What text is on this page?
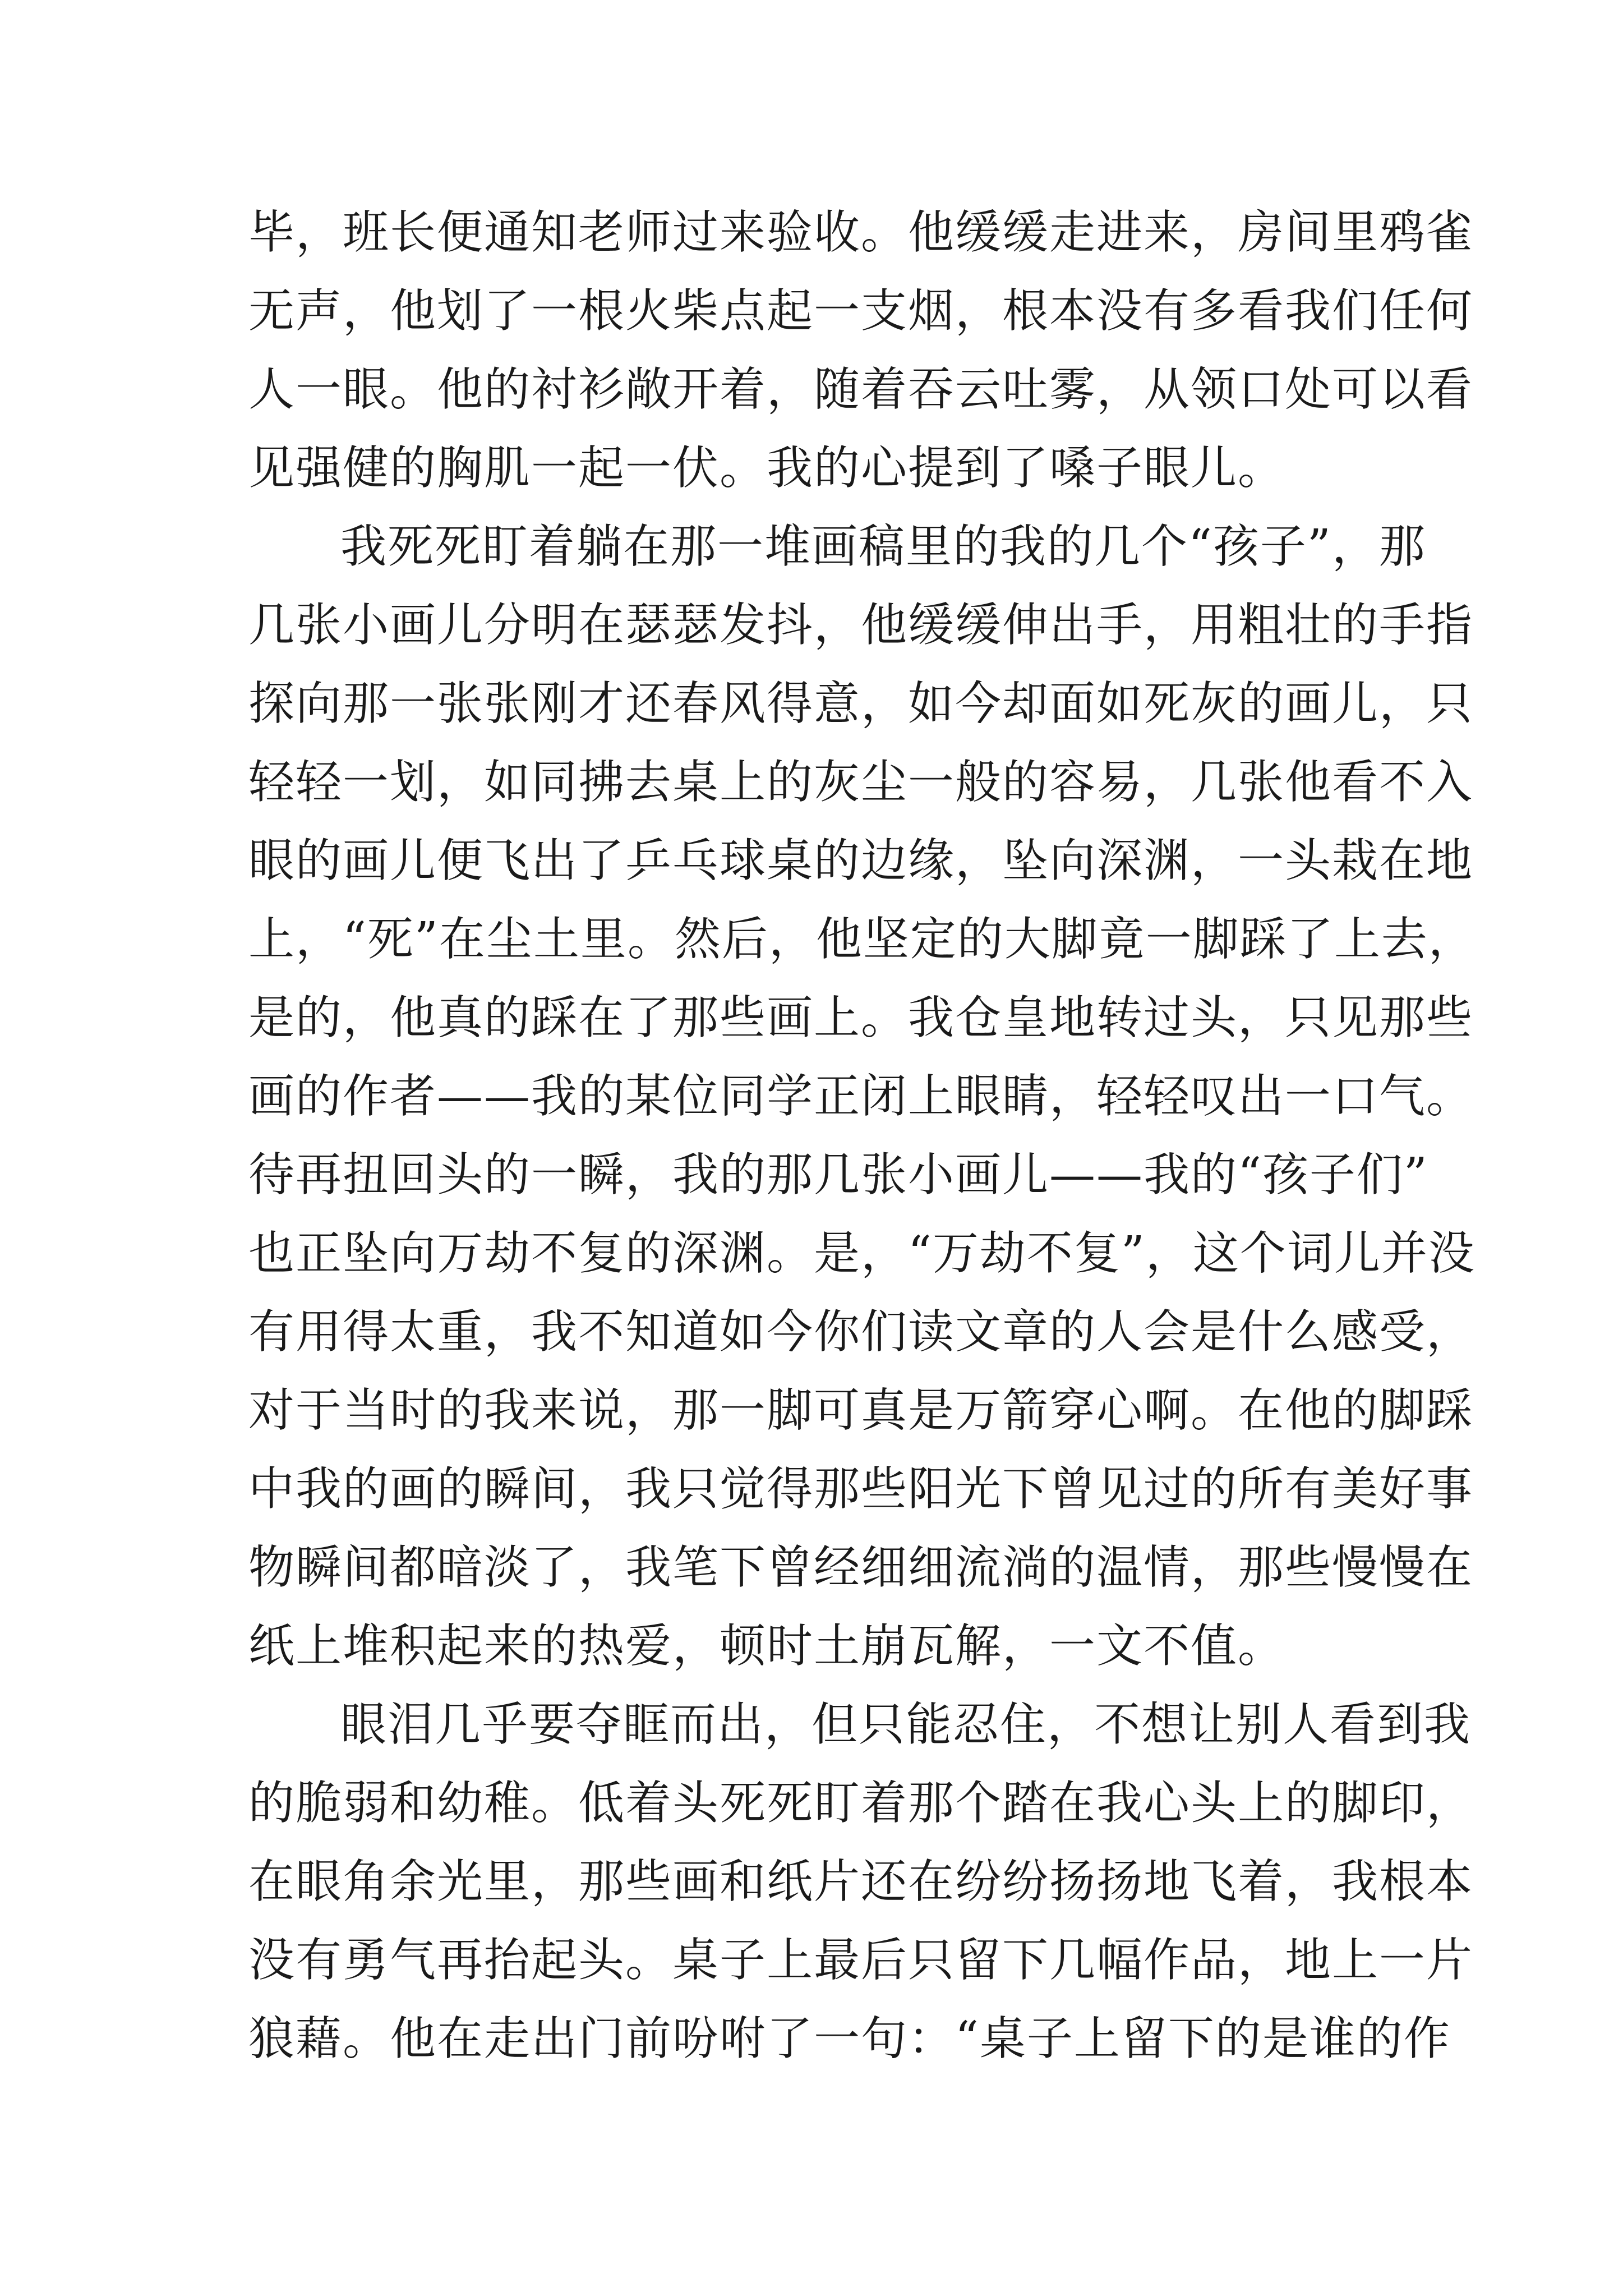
毕，班长便通知老师过来验收。他缓缓走进来，房间里鸦雀
无声，他划了一根火柴点起一支烟，根本没有多看我们任何
人一眼。他的衬衫敞开着，随着吞云吐雾，从领口处可以看
见强健的胸肌一起一伏。我的心提到了嗓子眼儿。
我死死盯着躺在那一堆画稿里的我的几个“孩子”，那
几张小画儿分明在瑟瑟发抖，他缓缓伸出手，用粗壮的手指
探向那一张张刚才还春风得意，如今却面如死灰的画儿，只
轻轻一划，如同拂去桌上的灰尘一般的容易，几张他看不入
眼的画儿便飞出了乒乓球桌的边缘，坠向深渊，一头栽在地
上，“死”在尘土里。然后，他坚定的大脚竟一脚踩了上去，
是的，他真的踩在了那些画上。我仓皇地转过头，只见那些
画的作者——我的某位同学正闭上眼睛，轻轻叹出一口气。
待再扭回头的一瞬，我的那几张小画儿——我的“孩子们”
也正坠向万劫不复的深渊。是，“万劫不复”，这个词儿并没
有用得太重，我不知道如今你们读文章的人会是什么感受，
对于当时的我来说，那一脚可真是万箭穿心啊。在他的脚踩
中我的画的瞬间，我只觉得那些阳光下曾见过的所有美好事
物瞬间都暗淡了，我笔下曾经细细流淌的温情，那些慢慢在
纸上堆积起来的热爱，顿时土崩瓦解，一文不值。
眼泪几乎要夺眶而出，但只能忍住，不想让别人看到我
的脆弱和幼稚。低着头死死盯着那个踏在我心头上的脚印，
在眼角余光里，那些画和纸片还在纷纷扬扬地飞着，我根本
没有勇气再抬起头。桌子上最后只留下几幅作品，地上一片
狼藉。他在走出门前吩咐了一句：“桌子上留下的是谁的作
